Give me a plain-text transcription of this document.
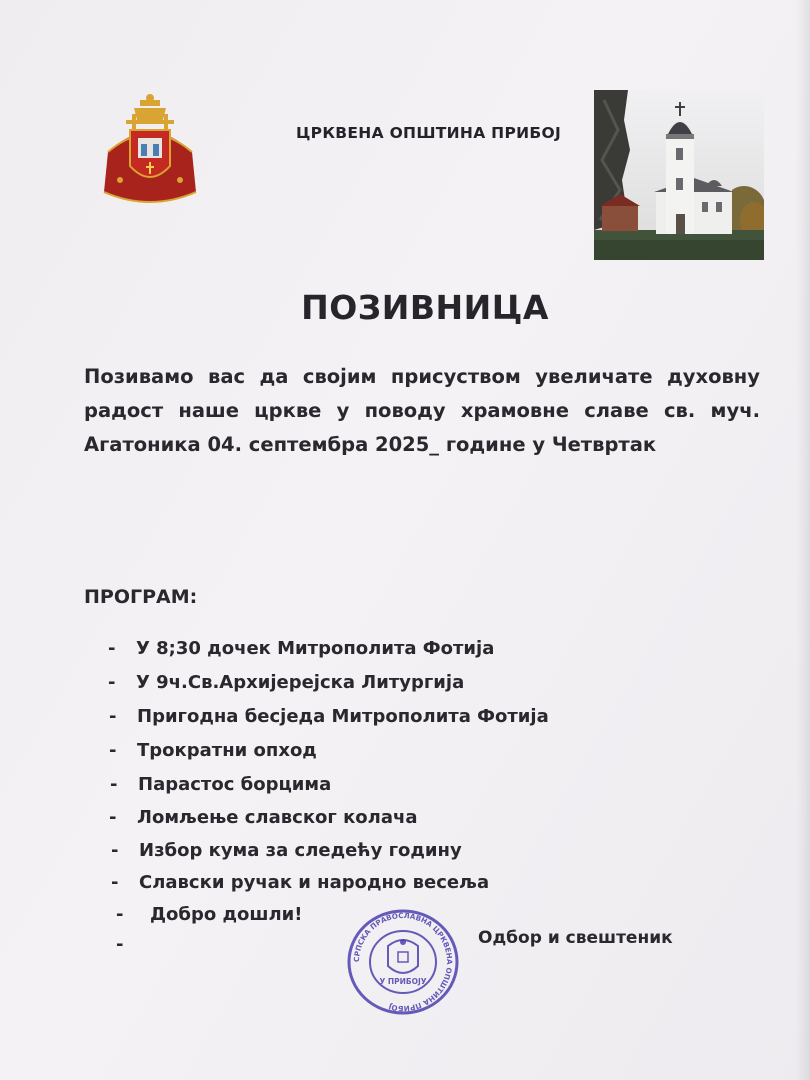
ЦРКВЕНА ОПШТИНА ПРИБОЈ
ПОЗИВНИЦА

Позивамо вас да својим присуством увеличате духовну

радост наше цркве у поводу храмовне славе св. муч.

Агатоника 04. септембра 2025_ године у Четвртак

ПРОГРАМ:
- У 8;30 дочек Митрополита Фотија
- У 9ч.Св.Архијерејска Литургија
- Пригодна бесједа Митрополита Фотија
- Трократни опход
- Парастос борцима
- Ломљење славског колача
- Избор кума за следећу годину
- Славски ручак и народно весеља
- Добро дошли!
-
СРПСКА ПРАВОСЛАВНА ЦРКВЕНА ОПШТИНА ПРИБОЈ
У ПРИБОЈУ
Одбор и свештеник
